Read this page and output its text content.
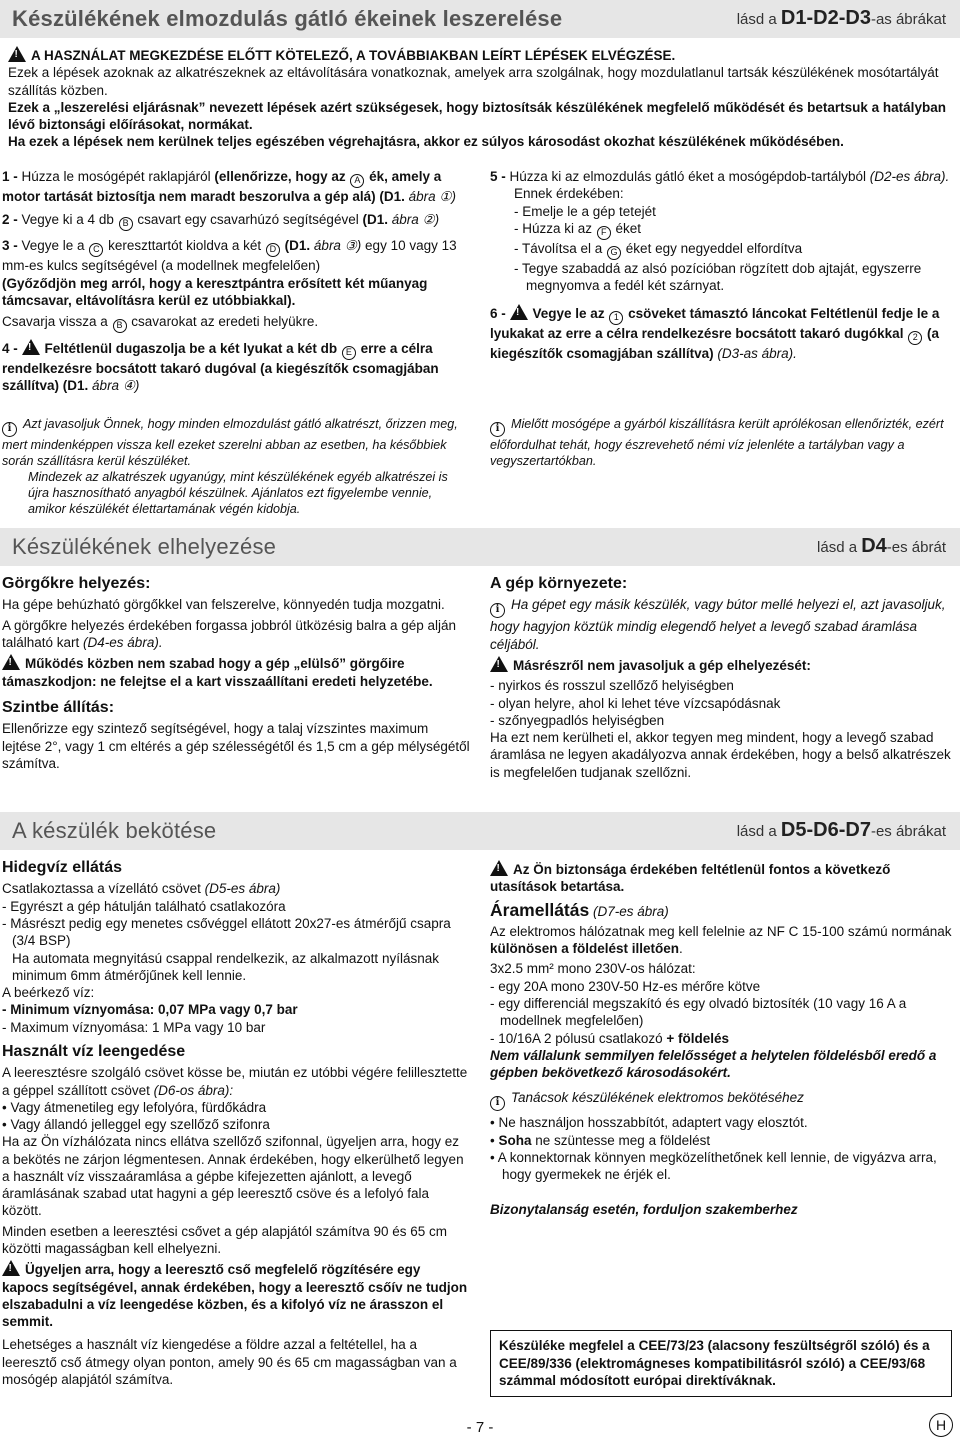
Készülékének elmozdulás gátló ékeinek leszerelése	lásd a D1-D2-D3-as ábrákat

!A HASZNÁLAT MEGKEZDÉSE ELŐTT KÖTELEZŐ, A TOVÁBBIAKBAN LEÍRT LÉPÉSEK ELVÉGZÉSE.

Ezek a lépések azoknak az alkatrészeknek az eltávolítására vonatkoznak, amelyek arra szolgálnak, hogy mozdulatlanul tartsák készülékének mosótartályát szállítás közben.

Ezek a „leszerelési eljárásnak” nevezett lépések azért szükségesek, hogy biztosítsák készülékének megfelelő működését és betartsuk a hatályban lévő biztonsági előírásokat, normákat.

Ha ezek a lépések nem kerülnek teljes egészében végrehajtásra, akkor ez súlyos károsodást okozhat készülékének működésében.

1 - Húzza le mosógépét raklapjáról (ellenőrizze, hogy az A ék, amely a motor tartását biztosítja nem maradt beszorulva a gép alá) (D1. ábra ①)

2 - Vegye ki a 4 db B csavart egy csavarhúzó segítségével (D1. ábra ②)

3 - Vegye le a C kereszttartót kioldva a két D (D1. ábra ③) egy 10 vagy 13 mm-es kulcs segítségével (a modellnek megfelelően)
(Győződjön meg arról, hogy a keresztpántra erősített két műanyag támcsavar, eltávolításra kerül ez utóbbiakkal).

Csavarja vissza a B csavarokat az eredeti helyükre.

4 - !Feltétlenül dugaszolja be a két lyukat a két db E erre a célra rendelkezésre bocsátott takaró dugóval (a kiegészítők csomagjában szállítva) (D1. ábra ④)

i Azt javasoljuk Önnek, hogy minden elmozdulást gátló alkatrészt, őrizzen meg, mert mindenképpen vissza kell ezeket szerelni abban az esetben, ha későbbiek során szállításra kerül készüléket.

Mindezek az alkatrészek ugyanúgy, mint készülékének egyéb alkatrészei is újra hasznosítható anyagból készülnek. Ajánlatos ezt figyelembe vennie, amikor készülékét élettartamának végén kidobja.

5 - Húzza ki az elmozdulás gátló éket a mosógépdob-tartályból (D2-es ábra).

Ennek érdekében:
- Emelje le a gép tetejét
- Húzza ki az F éket
- Távolítsa el a G éket egy negyeddel elfordítva
- Tegye szabaddá az alsó pozícióban rögzített dob ajtaját, egyszerre megnyomva a fedél két szárnyat.

6 - !Vegye le az 1 csöveket támasztó láncokat Feltétlenül fedje le a lyukakat az erre a célra rendelkezésre bocsátott takaró dugókkal 2 (a kiegészítők csomagjában szállítva) (D3-as ábra).

i Mielőtt mosógépe a gyárból kiszállításra került aprólékosan ellenőrizték, ezért előfordulhat tehát, hogy észrevehető némi víz jelenléte a tartályban vagy a vegyszertartókban.

Készülékének elhelyezése	lásd a D4-es ábrát
Görgőkre helyezés:

Ha gépe behúzható görgőkkel van felszerelve, könnyedén tudja mozgatni.

A görgőkre helyezés érdekében forgassa jobbról ütközésig balra a gép alján található kart (D4-es ábra).

!Működés közben nem szabad hogy a gép „elülső” görgőire támaszkodjon: ne felejtse el a kart visszaállítani eredeti helyzetébe.

Szintbe állítás:

Ellenőrizze egy szintező segítségével, hogy a talaj vízszintes maximum lejtése 2°, vagy 1 cm eltérés a gép szélességétől és 1,5 cm a gép mélységétől számítva.

A gép környezete:

i Ha gépet egy másik készülék, vagy bútor mellé helyezi el, azt javasoljuk, hogy hagyjon köztük mindig elegendő helyet a levegő szabad áramlása céljából.

!Másrészről nem javasoljuk a gép elhelyezését:

- nyirkos és rosszul szellőző helyiségben
- olyan helyre, ahol ki lehet téve vízcsapódásnak
- szőnyegpadlós helyiségben

Ha ezt nem kerülheti el, akkor tegyen meg mindent, hogy a levegő szabad áramlása ne legyen akadályozva annak érdekében, hogy a belső alkatrészek is megfelelően tudjanak szellőzni.

A készülék bekötése	lásd a D5-D6-D7-es ábrákat
Hidegvíz ellátás

Csatlakoztassa a vízellátó csövet (D5-es ábra)

- Egyrészt a gép hátulján található csatlakozóra
- Másrészt pedig egy menetes csővéggel ellátott 20x27-es átmérőjű csapra (3/4 BSP)
Ha automata megnyitású csappal rendelkezik, az alkalmazott nyílásnak minimum 6mm átmérőjűnek kell lennie.
A beérkező víz:
- Minimum víznyomása: 0,07 MPa vagy 0,7 bar
- Maximum víznyomása: 1 MPa vagy 10 bar
Használt víz leengedése

A leeresztésre szolgáló csövet kösse be, miután ez utóbbi végére felillesztette a géppel szállított csövet (D6-os ábra):

• Vagy átmenetileg egy lefolyóra, fürdőkádra
• Vagy állandó jelleggel egy szellőző szifonra

Ha az Ön vízhálózata nincs ellátva szellőző szifonnal, ügyeljen arra, hogy ez a bekötés ne zárjon légmentesen. Annak érdekében, hogy elkerülhető legyen a használt víz visszaáramlása a gépbe kifejezetten ajánlott, a levegő áramlásának szabad utat hagyni a gép leeresztő csöve és a lefolyó fala között.

Minden esetben a leeresztési csővet a gép alapjától számítva 90 és 65 cm közötti magasságban kell elhelyezni.

!Ügyeljen arra, hogy a leeresztő cső megfelelő rögzítésére egy kapocs segítségével, annak érdekében, hogy a leeresztő csőív ne tudjon elszabadulni a víz leengedése közben, és a kifolyó víz ne árasszon el semmit.

Lehetséges a használt víz kiengedése a földre azzal a feltétellel, ha a leeresztő cső átmegy olyan ponton, amely 90 és 65 cm magasságban van a mosógép alapjától számítva.

!Az Ön biztonsága érdekében feltétlenül fontos a következő utasítások betartása.

Áramellátás (D7-es ábra)

Az elektromos hálózatnak meg kell felelnie az NF C 15-100 számú normának különösen a földelést illetően.

3x2.5 mm² mono 230V-os hálózat:
- egy 20A mono 230V-50 Hz-es mérőre kötve
- egy differenciál megszakító és egy olvadó biztosíték (10 vagy 16 A a modellnek megfelelően)
- 10/16A 2 pólusú csatlakozó + földelés

Nem vállalunk semmilyen felelősséget a helytelen földelésből eredő a gépben bekövetkező károsodásokért.

i Tanácsok készülékének elektromos bekötéséhez

• Ne használjon hosszabbítót, adaptert vagy elosztót.
• Soha ne szüntesse meg a földelést
• A konnektornak könnyen megközelíthetőnek kell lennie, de vigyázva arra, hogy gyermekek ne érjék el.

Bizonytalanság esetén, forduljon szakemberhez

Készüléke megfelel a CEE/73/23 (alacsony feszültségről szóló) és a CEE/89/336 (elektromágneses kompatibilitásról szóló) a CEE/93/68 számmal módosított európai direktíváknak.
- 7 -	H
